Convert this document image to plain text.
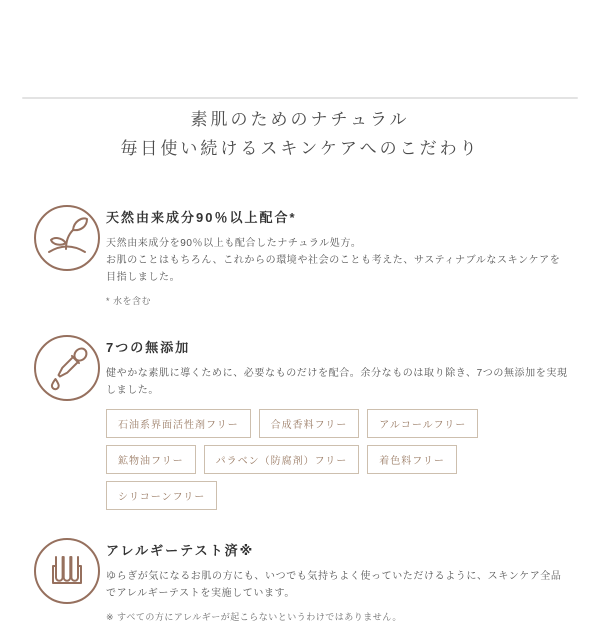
素肌のためのナチュラル
毎日使い続けるスキンケアへのこだわり
天然由来成分90％以上配合*
天然由来成分を90％以上も配合したナチュラル処方。
お肌のことはもちろん、これからの環境や社会のことも考えた、サスティナブルなスキンケアを目指しました。
* 水を含む
7つの無添加
健やかな素肌に導くために、必要なものだけを配合。余分なものは取り除き、7つの無添加を実現しました。
石油系界面活性剤フリー	合成香料フリー	アルコールフリー
鉱物油フリー	パラベン（防腐剤）フリー	着色料フリー
シリコーンフリー
アレルギーテスト済※
ゆらぎが気になるお肌の方にも、いつでも気持ちよく使っていただけるように、スキンケア全品でアレルギーテストを実施しています。
※ すべての方にアレルギーが起こらないというわけではありません。
